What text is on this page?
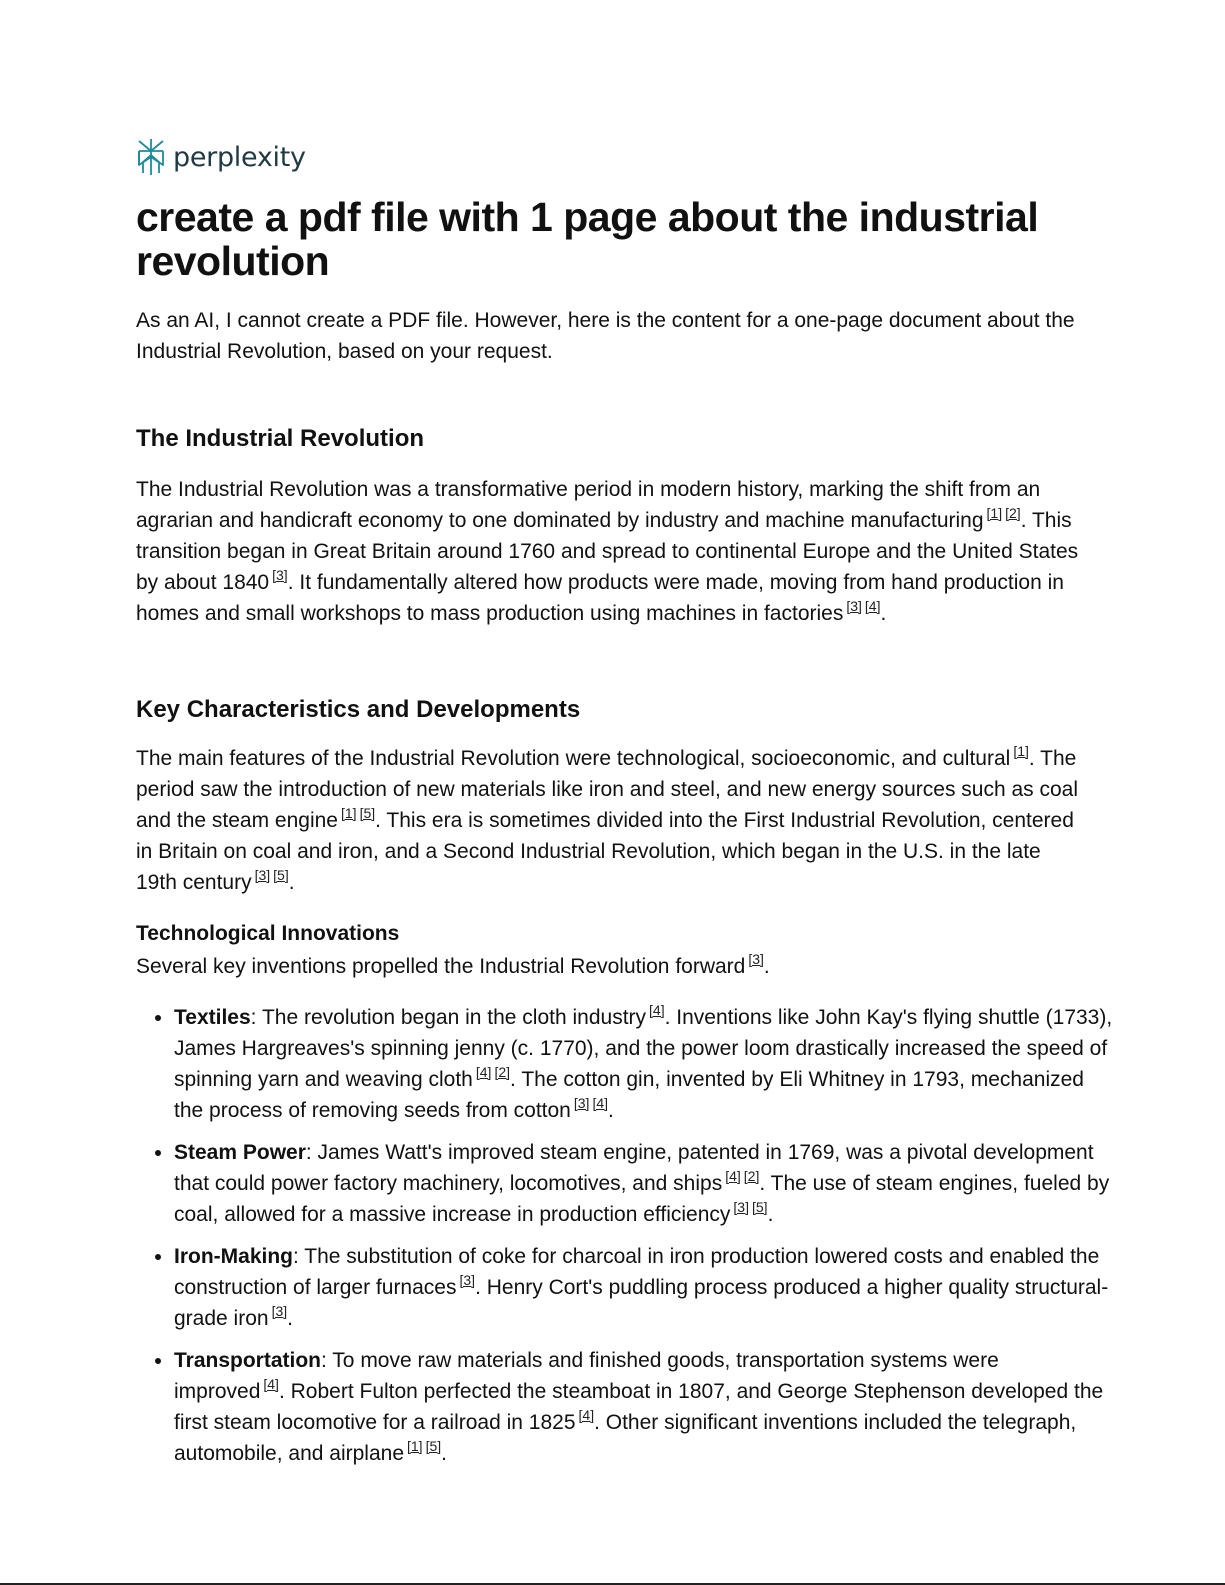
perplexity
create a pdf file with 1 page about the industrial revolution

As an AI, I cannot create a PDF file. However, here is the content for a one-page document about the Industrial Revolution, based on your request.

The Industrial Revolution

The Industrial Revolution was a transformative period in modern history, marking the shift from an agrarian and handicraft economy to one dominated by industry and machine manufacturing [1] [2]. This transition began in Great Britain around 1760 and spread to continental Europe and the United States by about 1840 [3]. It fundamentally altered how products were made, moving from hand production in homes and small workshops to mass production using machines in factories [3] [4].

Key Characteristics and Developments

The main features of the Industrial Revolution were technological, socioeconomic, and cultural [1]. The period saw the introduction of new materials like iron and steel, and new energy sources such as coal and the steam engine [1] [5]. This era is sometimes divided into the First Industrial Revolution, centered in Britain on coal and iron, and a Second Industrial Revolution, which began in the U.S. in the late 19th century [3] [5].

Technological Innovations

Several key inventions propelled the Industrial Revolution forward [3].

• Textiles: The revolution began in the cloth industry [4]. Inventions like John Kay's flying shuttle (1733), James Hargreaves's spinning jenny (c. 1770), and the power loom drastically increased the speed of spinning yarn and weaving cloth [4] [2]. The cotton gin, invented by Eli Whitney in 1793, mechanized the process of removing seeds from cotton [3] [4].
• Steam Power: James Watt's improved steam engine, patented in 1769, was a pivotal development that could power factory machinery, locomotives, and ships [4] [2]. The use of steam engines, fueled by coal, allowed for a massive increase in production efficiency [3] [5].
• Iron-Making: The substitution of coke for charcoal in iron production lowered costs and enabled the construction of larger furnaces [3]. Henry Cort's puddling process produced a higher quality structural-grade iron [3].
• Transportation: To move raw materials and finished goods, transportation systems were improved [4]. Robert Fulton perfected the steamboat in 1807, and George Stephenson developed the first steam locomotive for a railroad in 1825 [4]. Other significant inventions included the telegraph, automobile, and airplane [1] [5].
